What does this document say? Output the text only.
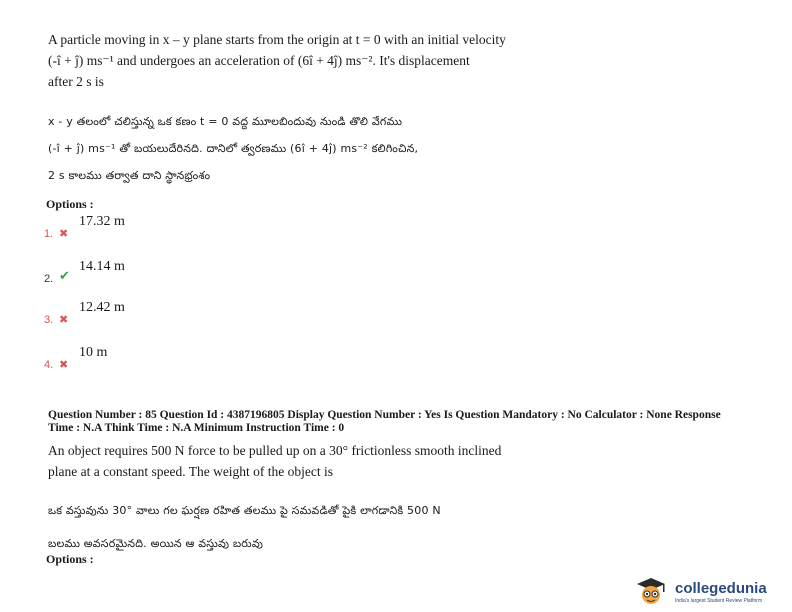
A particle moving in x – y plane starts from the origin at t = 0 with an initial velocity
(-î + ĵ) ms⁻¹ and undergoes an acceleration of (6î + 4ĵ) ms⁻². It's displacement
after 2 s is
x - y తలంలో చలిస్తున్న ఒక కణం t = 0 వద్ద మూలబిందువు నుండి తొలి వేగము
(-î + ĵ) ms⁻¹ తో బయలుదేరినది. దానిలో త్వరణము (6î + 4ĵ) ms⁻² కలిగించిన,
2 s కాలము తర్వాత దాని స్థానభ్రంశం
Options :
1. ✖
17.32 m
2. ✔
14.14 m
3. ✖
12.42 m
4. ✖
10 m
Question Number : 85 Question Id : 4387196805 Display Question Number : Yes Is Question Mandatory : No Calculator : None Response
Time : N.A Think Time : N.A Minimum Instruction Time : 0
An object requires 500 N force to be pulled up on a 30° frictionless smooth inclined
plane at a constant speed. The weight of the object is
ఒక వస్తువును 30° వాలు గల ఘర్షణ రహిత తలము పై సమవడితో పైకి లాగడానికి 500 N
బలము అవసరమైనది. అయిన ఆ వస్తువు బరువు
Options :
collegedunia
India's largest Student Review Platform
